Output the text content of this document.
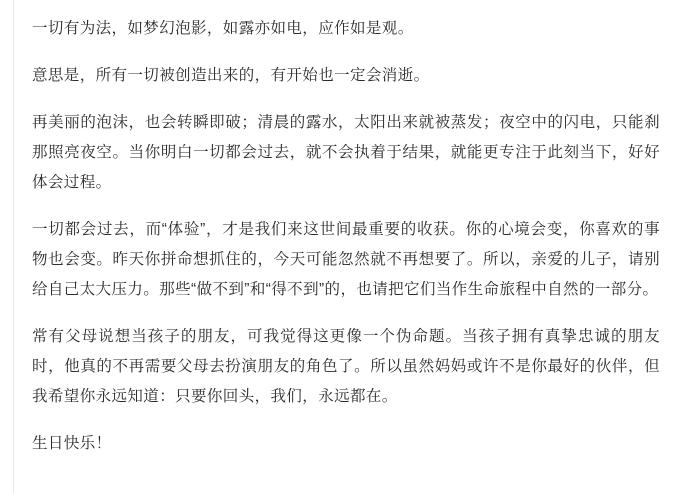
一切有为法，如梦幻泡影，如露亦如电，应作如是观。

意思是，所有一切被创造出来的，有开始也一定会消逝。

再美丽的泡沫，也会转瞬即破；清晨的露水，太阳出来就被蒸发；夜空中的闪电，只能刹那照亮夜空。当你明白一切都会过去，就不会执着于结果，就能更专注于此刻当下，好好体会过程。

一切都会过去，而“体验”，才是我们来这世间最重要的收获。你的心境会变，你喜欢的事物也会变。昨天你拼命想抓住的，今天可能忽然就不再想要了。所以，亲爱的儿子，请别给自己太大压力。那些“做不到”和“得不到”的，也请把它们当作生命旅程中自然的一部分。

常有父母说想当孩子的朋友，可我觉得这更像一个伪命题。当孩子拥有真挚忠诚的朋友时，他真的不再需要父母去扮演朋友的角色了。所以虽然妈妈或许不是你最好的伙伴，但我希望你永远知道：只要你回头，我们，永远都在。

生日快乐！
